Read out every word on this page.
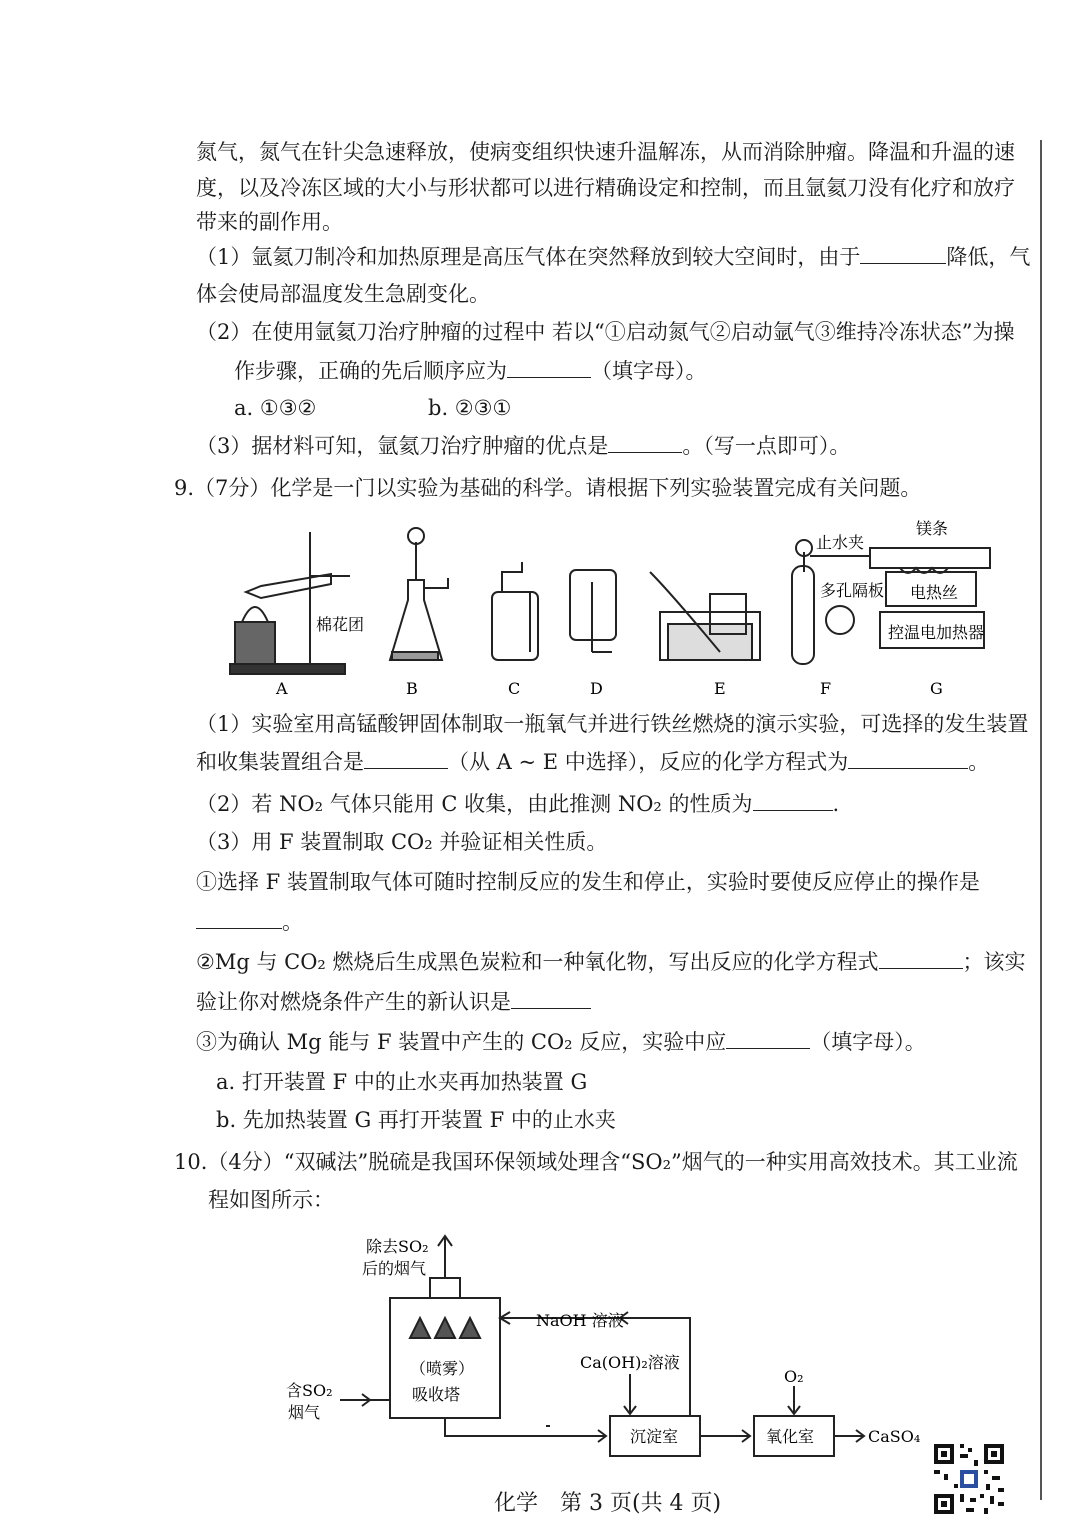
氮气，氮气在针尖急速释放，使病变组织快速升温解冻，从而消除肿瘤。降温和升温的速
度，以及冷冻区域的大小与形状都可以进行精确设定和控制，而且氩氦刀没有化疗和放疗
带来的副作用。
（1）氩氦刀制冷和加热原理是高压气体在突然释放到较大空间时，由于	降低，气
体会使局部温度发生急剧变化。
（2）在使用氩氦刀治疗肿瘤的过程中 若以“①启动氮气②启动氩气③维持冷冻状态”为操
作步骤，正确的先后顺序应为	（填字母）。
a. ①③②	b. ②③①
（3）据材料可知，氩氦刀治疗肿瘤的优点是	。（写一点即可）。
9.（7分）化学是一门以实验为基础的科学。请根据下列实验装置完成有关问题。
棉花团
止水夹
镁条
多孔隔板 电热丝
控温电加热器
A	B	C	D	E	F	G
（1）实验室用高锰酸钾固体制取一瓶氧气并进行铁丝燃烧的演示实验，可选择的发生装置
和收集装置组合是	（从 A ~ E 中选择），反应的化学方程式为	。
（2）若 NO₂ 气体只能用 C 收集，由此推测 NO₂ 的性质为	.
（3）用 F 装置制取 CO₂ 并验证相关性质。
①选择 F 装置制取气体可随时控制反应的发生和停止，实验时要使反应停止的操作是
。
②Mg 与 CO₂ 燃烧后生成黑色炭粒和一种氧化物，写出反应的化学方程式	；该实
验让你对燃烧条件产生的新认识是
③为确认 Mg 能与 F 装置中产生的 CO₂ 反应，实验中应	（填字母）。
a. 打开装置 F 中的止水夹再加热装置 G
b. 先加热装置 G 再打开装置 F 中的止水夹
10.（4分）“双碱法”脱硫是我国环保领域处理含“SO₂”烟气的一种实用高效技术。其工业流
程如图所示：
除去SO₂
后的烟气
NaOH 溶液
（喷雾）
吸收塔
含SO₂
烟气
Ca(OH)₂溶液
O₂
沉淀室	氧化室	CaSO₄
化学　第 3 页(共 4 页)
